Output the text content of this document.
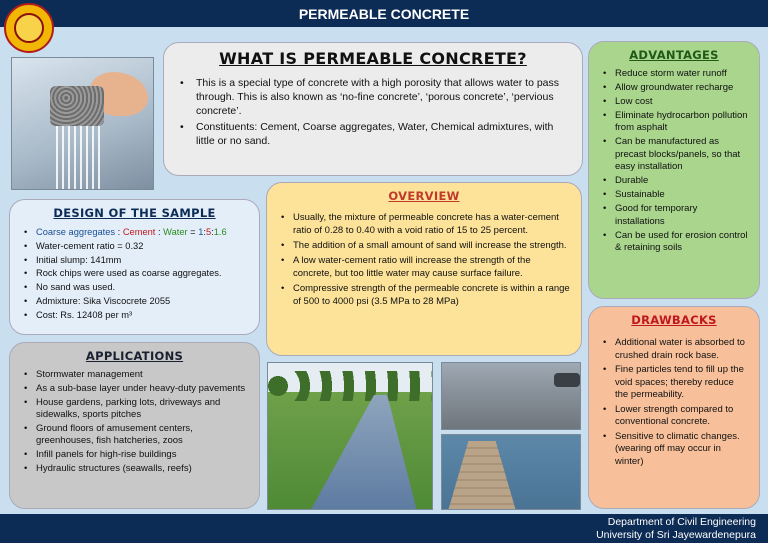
PERMEABLE CONCRETE
WHAT IS PERMEABLE CONCRETE?
• This is a special type of concrete with a high porosity that allows water to pass through. This is also known as ‘no-fine concrete’, ‘porous concrete’, ‘pervious concrete’.
• Constituents: Cement, Coarse aggregates, Water, Chemical admixtures, with little or no sand.
ADVANTAGES
• Reduce storm water runoff
• Allow groundwater recharge
• Low cost
• Eliminate hydrocarbon pollution from asphalt
• Can be manufactured as precast blocks/panels, so that easy installation
• Durable
• Sustainable
• Good for temporary installations
• Can be used for erosion control & retaining soils
DESIGN OF THE SAMPLE
• Coarse aggregates : Cement : Water = 1:5:1.6
• Water-cement ratio = 0.32
• Initial slump: 141mm
• Rock chips were used as coarse aggregates.
• No sand was used.
• Admixture: Sika Viscocrete 2055
• Cost: Rs. 12408 per m³
OVERVIEW
• Usually, the mixture of permeable concrete has a water-cement ratio of 0.28 to 0.40 with a void ratio of 15 to 25 percent.
• The addition of a small amount of sand will increase the strength.
• A low water-cement ratio will increase the strength of the concrete, but too little water may cause surface failure.
• Compressive strength of the permeable concrete is within a range of 500 to 4000 psi (3.5 MPa to 28 MPa)
APPLICATIONS
• Stormwater management
• As a sub-base layer under heavy-duty pavements
• House gardens, parking lots, driveways and sidewalks, sports pitches
• Ground floors of amusement centers, greenhouses, fish hatcheries, zoos
• Infill panels for high-rise buildings
• Hydraulic structures (seawalls, reefs)
DRAWBACKS
• Additional water is absorbed to crushed drain rock base.
• Fine particles tend to fill up the void spaces; thereby reduce the permeability.
• Lower strength compared to conventional concrete.
• Sensitive to climatic changes. (wearing off may occur in winter)
Department of Civil Engineering
University of Sri Jayewardenepura
